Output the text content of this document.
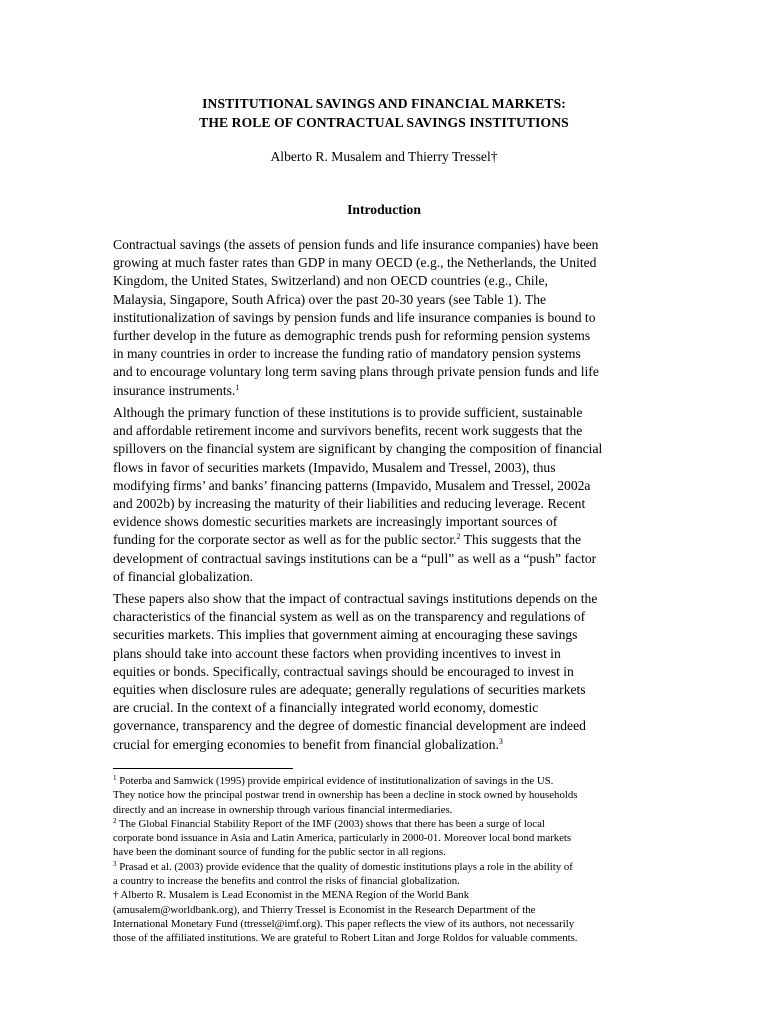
INSTITUTIONAL SAVINGS AND FINANCIAL MARKETS:
THE ROLE OF CONTRACTUAL SAVINGS INSTITUTIONS
Alberto R. Musalem and Thierry Tressel†
Introduction
Contractual savings (the assets of pension funds and life insurance companies) have been
growing at much faster rates than GDP in many OECD (e.g., the Netherlands, the United
Kingdom, the United States, Switzerland) and non OECD countries (e.g., Chile,
Malaysia, Singapore, South Africa) over the past 20-30 years (see Table 1). The
institutionalization of savings by pension funds and life insurance companies is bound to
further develop in the future as demographic trends push for reforming pension systems
in many countries in order to increase the funding ratio of mandatory pension systems
and to encourage voluntary long term saving plans through private pension funds and life
insurance instruments.$^1$
Although the primary function of these institutions is to provide sufficient, sustainable
and affordable retirement income and survivors benefits, recent work suggests that the
spillovers on the financial system are significant by changing the composition of financial
flows in favor of securities markets (Impavido, Musalem and Tressel, 2003), thus
modifying firms’ and banks’ financing patterns (Impavido, Musalem and Tressel, 2002a
and 2002b) by increasing the maturity of their liabilities and reducing leverage. Recent
evidence shows domestic securities markets are increasingly important sources of
funding for the corporate sector as well as for the public sector.$^2$ This suggests that the
development of contractual savings institutions can be a “pull” as well as a “push” factor
of financial globalization.
These papers also show that the impact of contractual savings institutions depends on the
characteristics of the financial system as well as on the transparency and regulations of
securities markets. This implies that government aiming at encouraging these savings
plans should take into account these factors when providing incentives to invest in
equities or bonds. Specifically, contractual savings should be encouraged to invest in
equities when disclosure rules are adequate; generally regulations of securities markets
are crucial. In the context of a financially integrated world economy, domestic
governance, transparency and the degree of domestic financial development are indeed
crucial for emerging economies to benefit from financial globalization.$^3$
$^1$ Poterba and Samwick (1995) provide empirical evidence of institutionalization of savings in the US.
They notice how the principal postwar trend in ownership has been a decline in stock owned by households
directly and an increase in ownership through various financial intermediaries.
$^2$ The Global Financial Stability Report of the IMF (2003) shows that there has been a surge of local
corporate bond issuance in Asia and Latin America, particularly in 2000-01. Moreover local bond markets
have been the dominant source of funding for the public sector in all regions.
$^3$ Prasad et al. (2003) provide evidence that the quality of domestic institutions plays a role in the ability of
a country to increase the benefits and control the risks of financial globalization.
† Alberto R. Musalem is Lead Economist in the MENA Region of the World Bank
(amusalem@worldbank.org), and Thierry Tressel is Economist in the Research Department of the
International Monetary Fund (ttressel@imf.org). This paper reflects the view of its authors, not necessarily
those of the affiliated institutions. We are grateful to Robert Litan and Jorge Roldos for valuable comments.
